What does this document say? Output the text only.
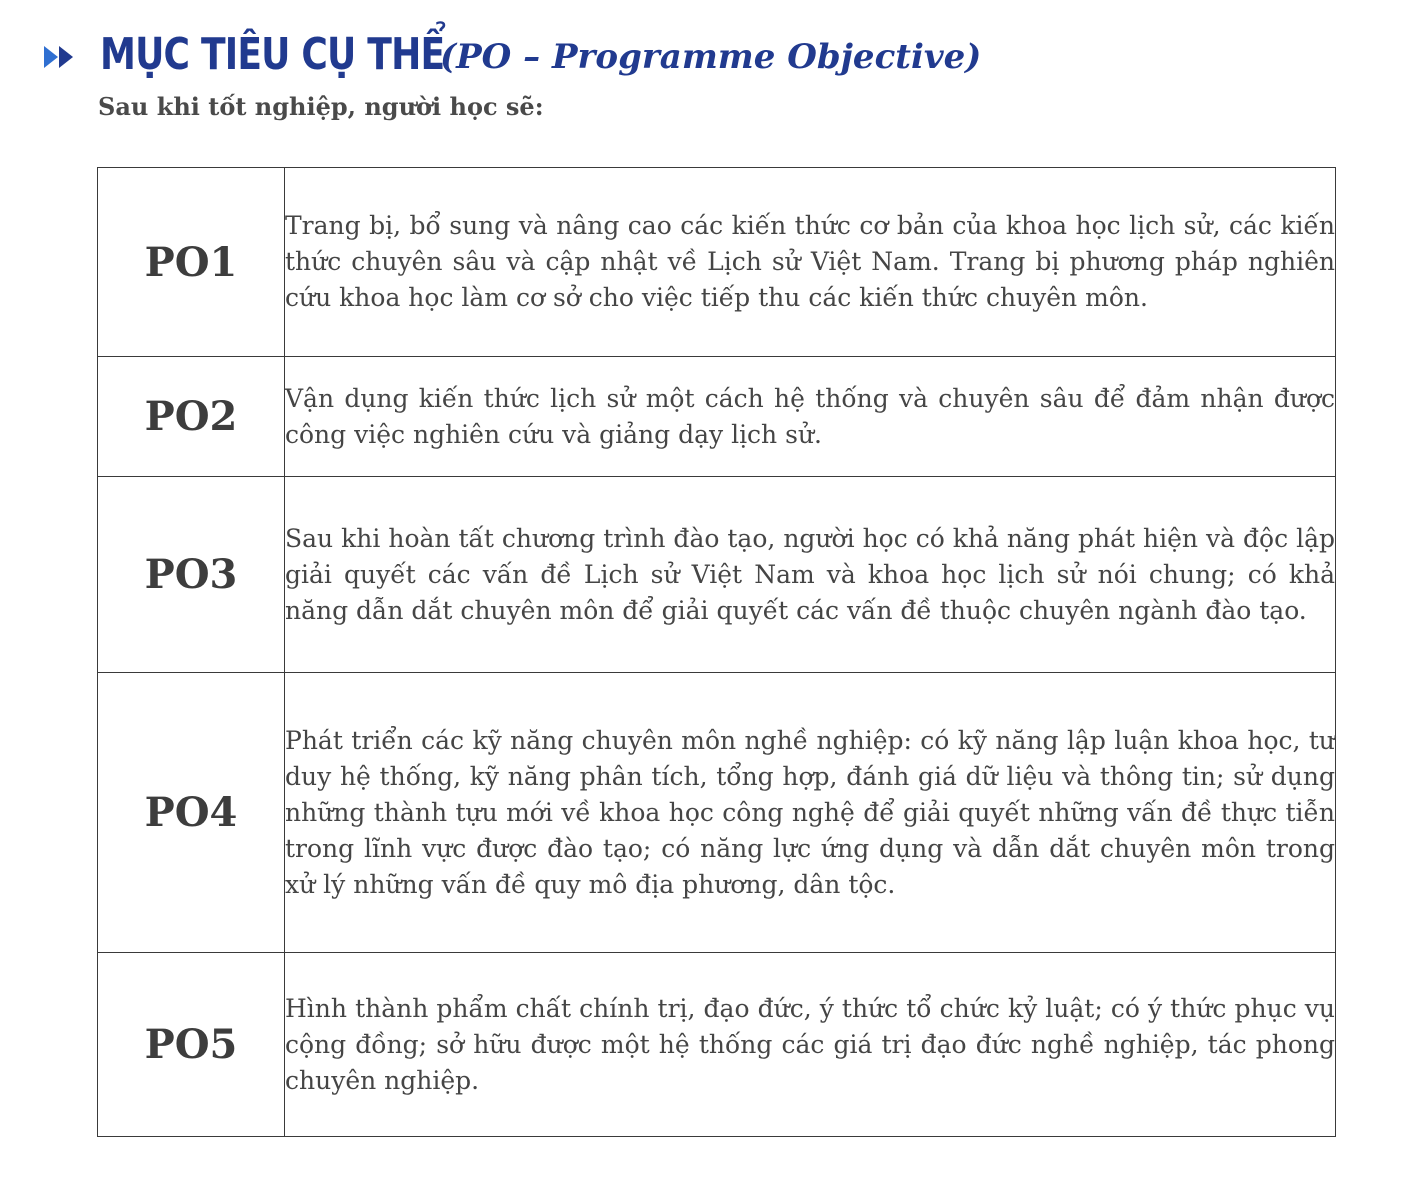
MỤC TIÊU CỤ THỂ
(PO – Programme Objective)
Sau khi tốt nghiệp, người học sẽ:
PO1	Trang bị, bổ sung và nâng cao các kiến thức cơ bản của khoa học lịch sử, các kiến thức chuyên sâu và cập nhật về Lịch sử Việt Nam. Trang bị phương pháp nghiên cứu khoa học làm cơ sở cho việc tiếp thu các kiến thức chuyên môn.
PO2	Vận dụng kiến thức lịch sử một cách hệ thống và chuyên sâu để đảm nhận được công việc nghiên cứu và giảng dạy lịch sử.
PO3	Sau khi hoàn tất chương trình đào tạo, người học có khả năng phát hiện và độc lập giải quyết các vấn đề Lịch sử Việt Nam và khoa học lịch sử nói chung; có khả năng dẫn dắt chuyên môn để giải quyết các vấn đề thuộc chuyên ngành đào tạo.
PO4	Phát triển các kỹ năng chuyên môn nghề nghiệp: có kỹ năng lập luận khoa học, tư duy hệ thống, kỹ năng phân tích, tổng hợp, đánh giá dữ liệu và thông tin; sử dụng những thành tựu mới về khoa học công nghệ để giải quyết những vấn đề thực tiễn trong lĩnh vực được đào tạo; có năng lực ứng dụng và dẫn dắt chuyên môn trong xử lý những vấn đề quy mô địa phương, dân tộc.
PO5	Hình thành phẩm chất chính trị, đạo đức, ý thức tổ chức kỷ luật; có ý thức phục vụ cộng đồng; sở hữu được một hệ thống các giá trị đạo đức nghề nghiệp, tác phong chuyên nghiệp.
